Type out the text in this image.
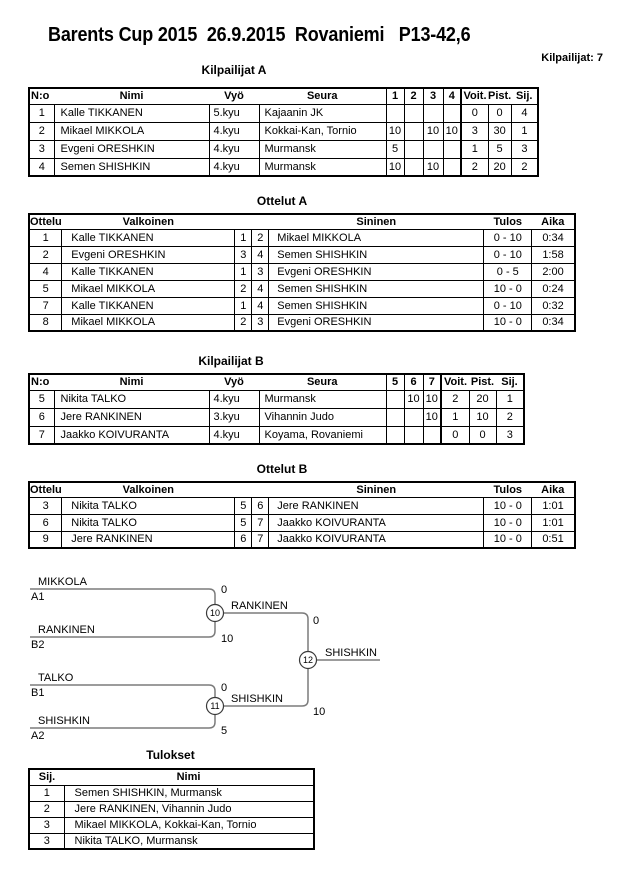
Barents Cup 2015  26.9.2015  Rovaniemi   P13-42,6
Kilpailijat: 7
Kilpailijat A
N:o	Nimi	Vyö	Seura	1	2	3	4	Voit.	Pist.	Sij.
1	Kalle TIKKANEN	5.kyu	Kajaanin JK					0	0	4
2	Mikael MIKKOLA	4.kyu	Kokkai-Kan, Tornio	10		10	10	3	30	1
3	Evgeni ORESHKIN	4.kyu	Murmansk	5				1	5	3
4	Semen SHISHKIN	4.kyu	Murmansk	10		10		2	20	2
Ottelut A
Ottelu	Valkoinen			Sininen	Tulos	Aika
1	Kalle TIKKANEN	1	2	Mikael MIKKOLA	0 - 10	0:34
2	Evgeni ORESHKIN	3	4	Semen SHISHKIN	0 - 10	1:58
4	Kalle TIKKANEN	1	3	Evgeni ORESHKIN	0 - 5	2:00
5	Mikael MIKKOLA	2	4	Semen SHISHKIN	10 - 0	0:24
7	Kalle TIKKANEN	1	4	Semen SHISHKIN	0 - 10	0:32
8	Mikael MIKKOLA	2	3	Evgeni ORESHKIN	10 - 0	0:34
Kilpailijat B
N:o	Nimi	Vyö	Seura	5	6	7	Voit.	Pist.	Sij.
5	Nikita TALKO	4.kyu	Murmansk		10	10	2	20	1
6	Jere RANKINEN	3.kyu	Vihannin Judo			10	1	10	2
7	Jaakko KOIVURANTA	4.kyu	Koyama, Rovaniemi				0	0	3
Ottelut B
Ottelu	Valkoinen			Sininen	Tulos	Aika
3	Nikita TALKO	5	6	Jere RANKINEN	10 - 0	1:01
6	Nikita TALKO	5	7	Jaakko KOIVURANTA	10 - 0	1:01
9	Jere RANKINEN	6	7	Jaakko KOIVURANTA	10 - 0	0:51
MIKKOLA
A1
RANKINEN
B2
TALKO
B1
SHISHKIN
A2
0
10
0
5
RANKINEN
SHISHKIN
0
10
SHISHKIN
10
11
12
Tulokset
Sij.	Nimi
1	Semen SHISHKIN, Murmansk
2	Jere RANKINEN, Vihannin Judo
3	Mikael MIKKOLA, Kokkai-Kan, Tornio
3	Nikita TALKO, Murmansk
